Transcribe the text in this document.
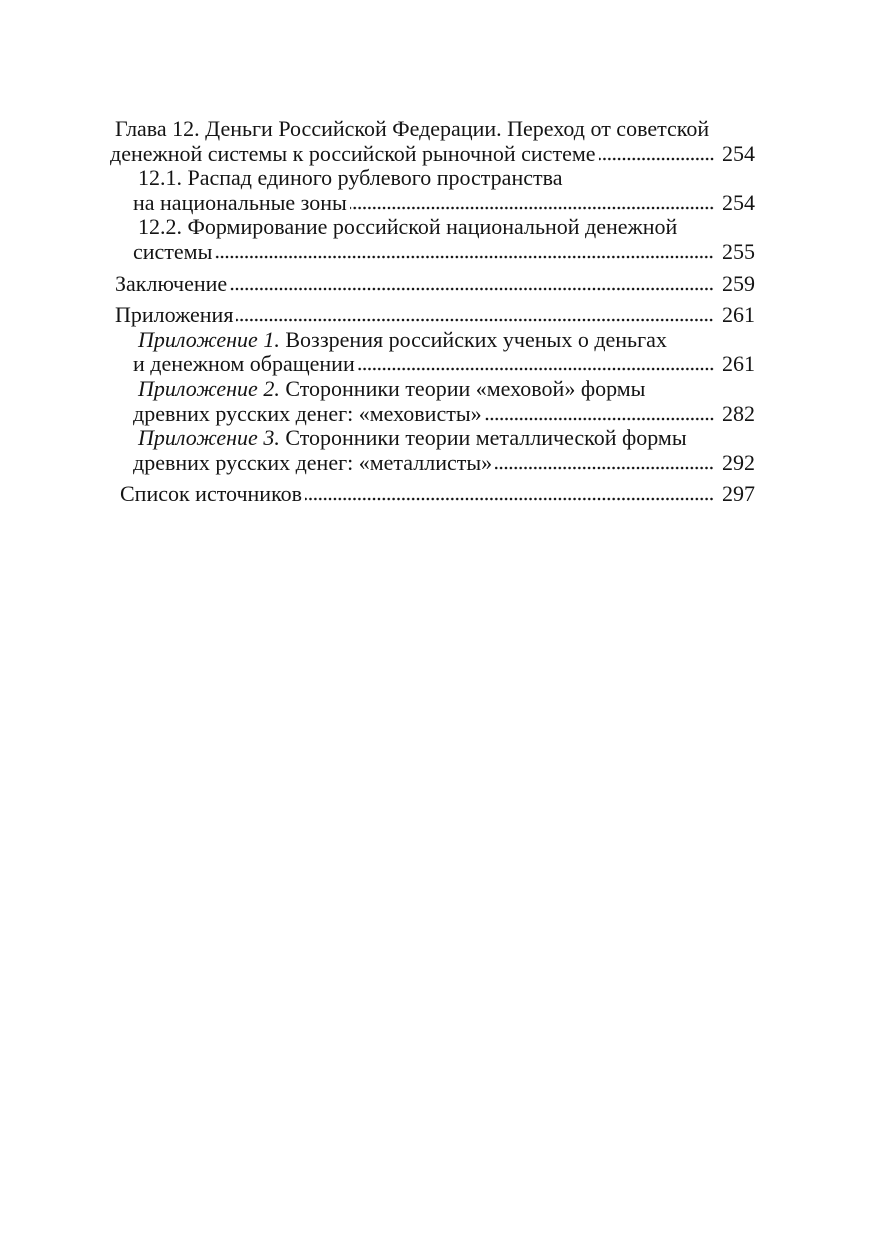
Глава 12. Деньги Российской Федерации. Переход от советской
денежной системы к российской рыночной системе	254
12.1. Распад единого рублевого пространства
на национальные зоны	254
12.2. Формирование российской национальной денежной
системы	255
Заключение	259
Приложения	261
Приложение 1. Воззрения российских ученых о деньгах
и денежном обращении	261
Приложение 2. Сторонники теории «меховой» формы
древних русских денег: «меховисты»	282
Приложение 3. Сторонники теории металлической формы
древних русских денег: «металлисты»	292
Список источников	297
